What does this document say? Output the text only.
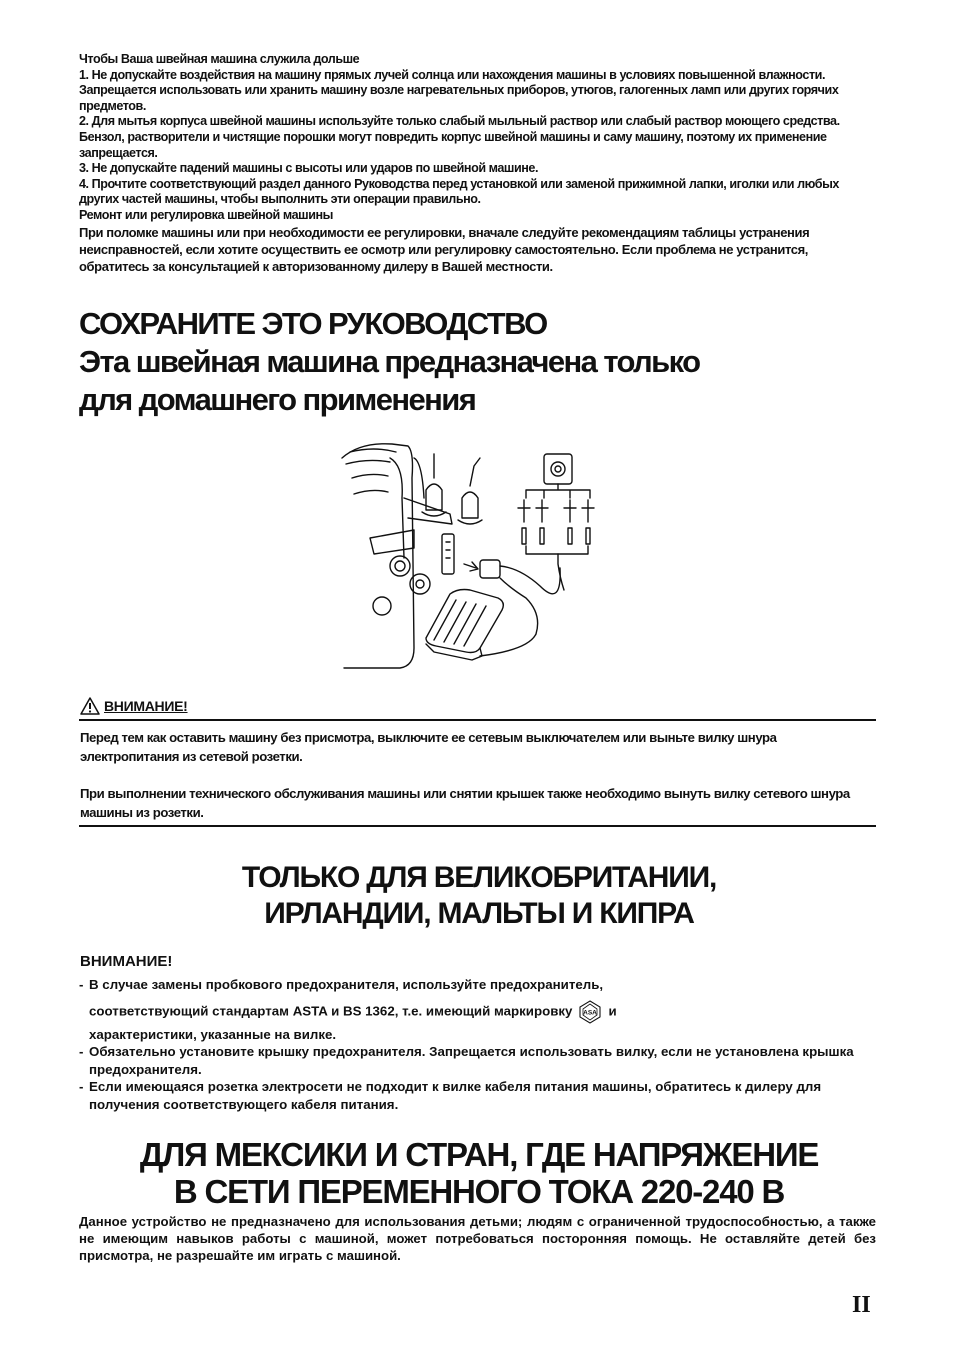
Чтобы Ваша швейная машина служила дольше

1. Не допускайте воздействия на машину прямых лучей солнца или нахождения машины в условиях повышенной влажности. Запрещается использовать или хранить машину возле нагревательных приборов, утюгов, галогенных ламп или других горячих предметов.

2. Для мытья корпуса швейной машины используйте только слабый мыльный раствор или слабый раствор моющего средства. Бензол, растворители и чистящие порошки могут повредить корпус швейной машины и саму машину, поэтому их применение запрещается.

3. Не допускайте падений машины с высоты или ударов по швейной машине.

4. Прочтите соответствующий раздел данного Руководства перед установкой или заменой прижимной лапки, иголки или любых других частей машины, чтобы выполнить эти операции правильно.

Ремонт или регулировка швейной машины

При поломке машины или при необходимости ее регулировки, вначале следуйте рекомендациям таблицы устранения неисправностей, если хотите осуществить ее осмотр или регулировку самостоятельно. Если проблема не устранится, обратитесь за консультацией к авторизованному дилеру в Вашей местности.

СОХРАНИТЕ ЭТО РУКОВОДСТВО
Эта швейная машина предназначена только
для домашнего применения
ВНИМАНИЕ!

Перед тем как оставить машину без присмотра, выключите ее сетевым выключателем или выньте вилку шнура электропитания из сетевой розетки.

При выполнении технического обслуживания машины или снятии крышек также необходимо вынуть вилку сетевого шнура машины из розетки.

ТОЛЬКО ДЛЯ ВЕЛИКОБРИТАНИИ,
ИРЛАНДИИ, МАЛЬТЫ И КИПРА
ВНИМАНИЕ!
- В случае замены пробкового предохранителя, используйте предохранитель,
соответствующий стандартам ASTA и BS 1362, т.е. имеющий маркировку ASA и
характеристики, указанные на вилке.
- Обязательно установите крышку предохранителя. Запрещается использовать вилку, если не установлена крышка предохранителя.
- Если имеющаяся розетка электросети не подходит к вилке кабеля питания машины, обратитесь к дилеру для получения соответствующего кабеля питания.
ДЛЯ МЕКСИКИ И СТРАН, ГДЕ НАПРЯЖЕНИЕ
В СЕТИ ПЕРЕМЕННОГО ТОКА 220-240 В
Данное устройство не предназначено для использования детьми; людям с ограниченной трудоспособностью, а также не имеющим навыков работы с машиной, может потребоваться посторонняя помощь. Не оставляйте детей без присмотра, не разрешайте им играть с машиной.
II
